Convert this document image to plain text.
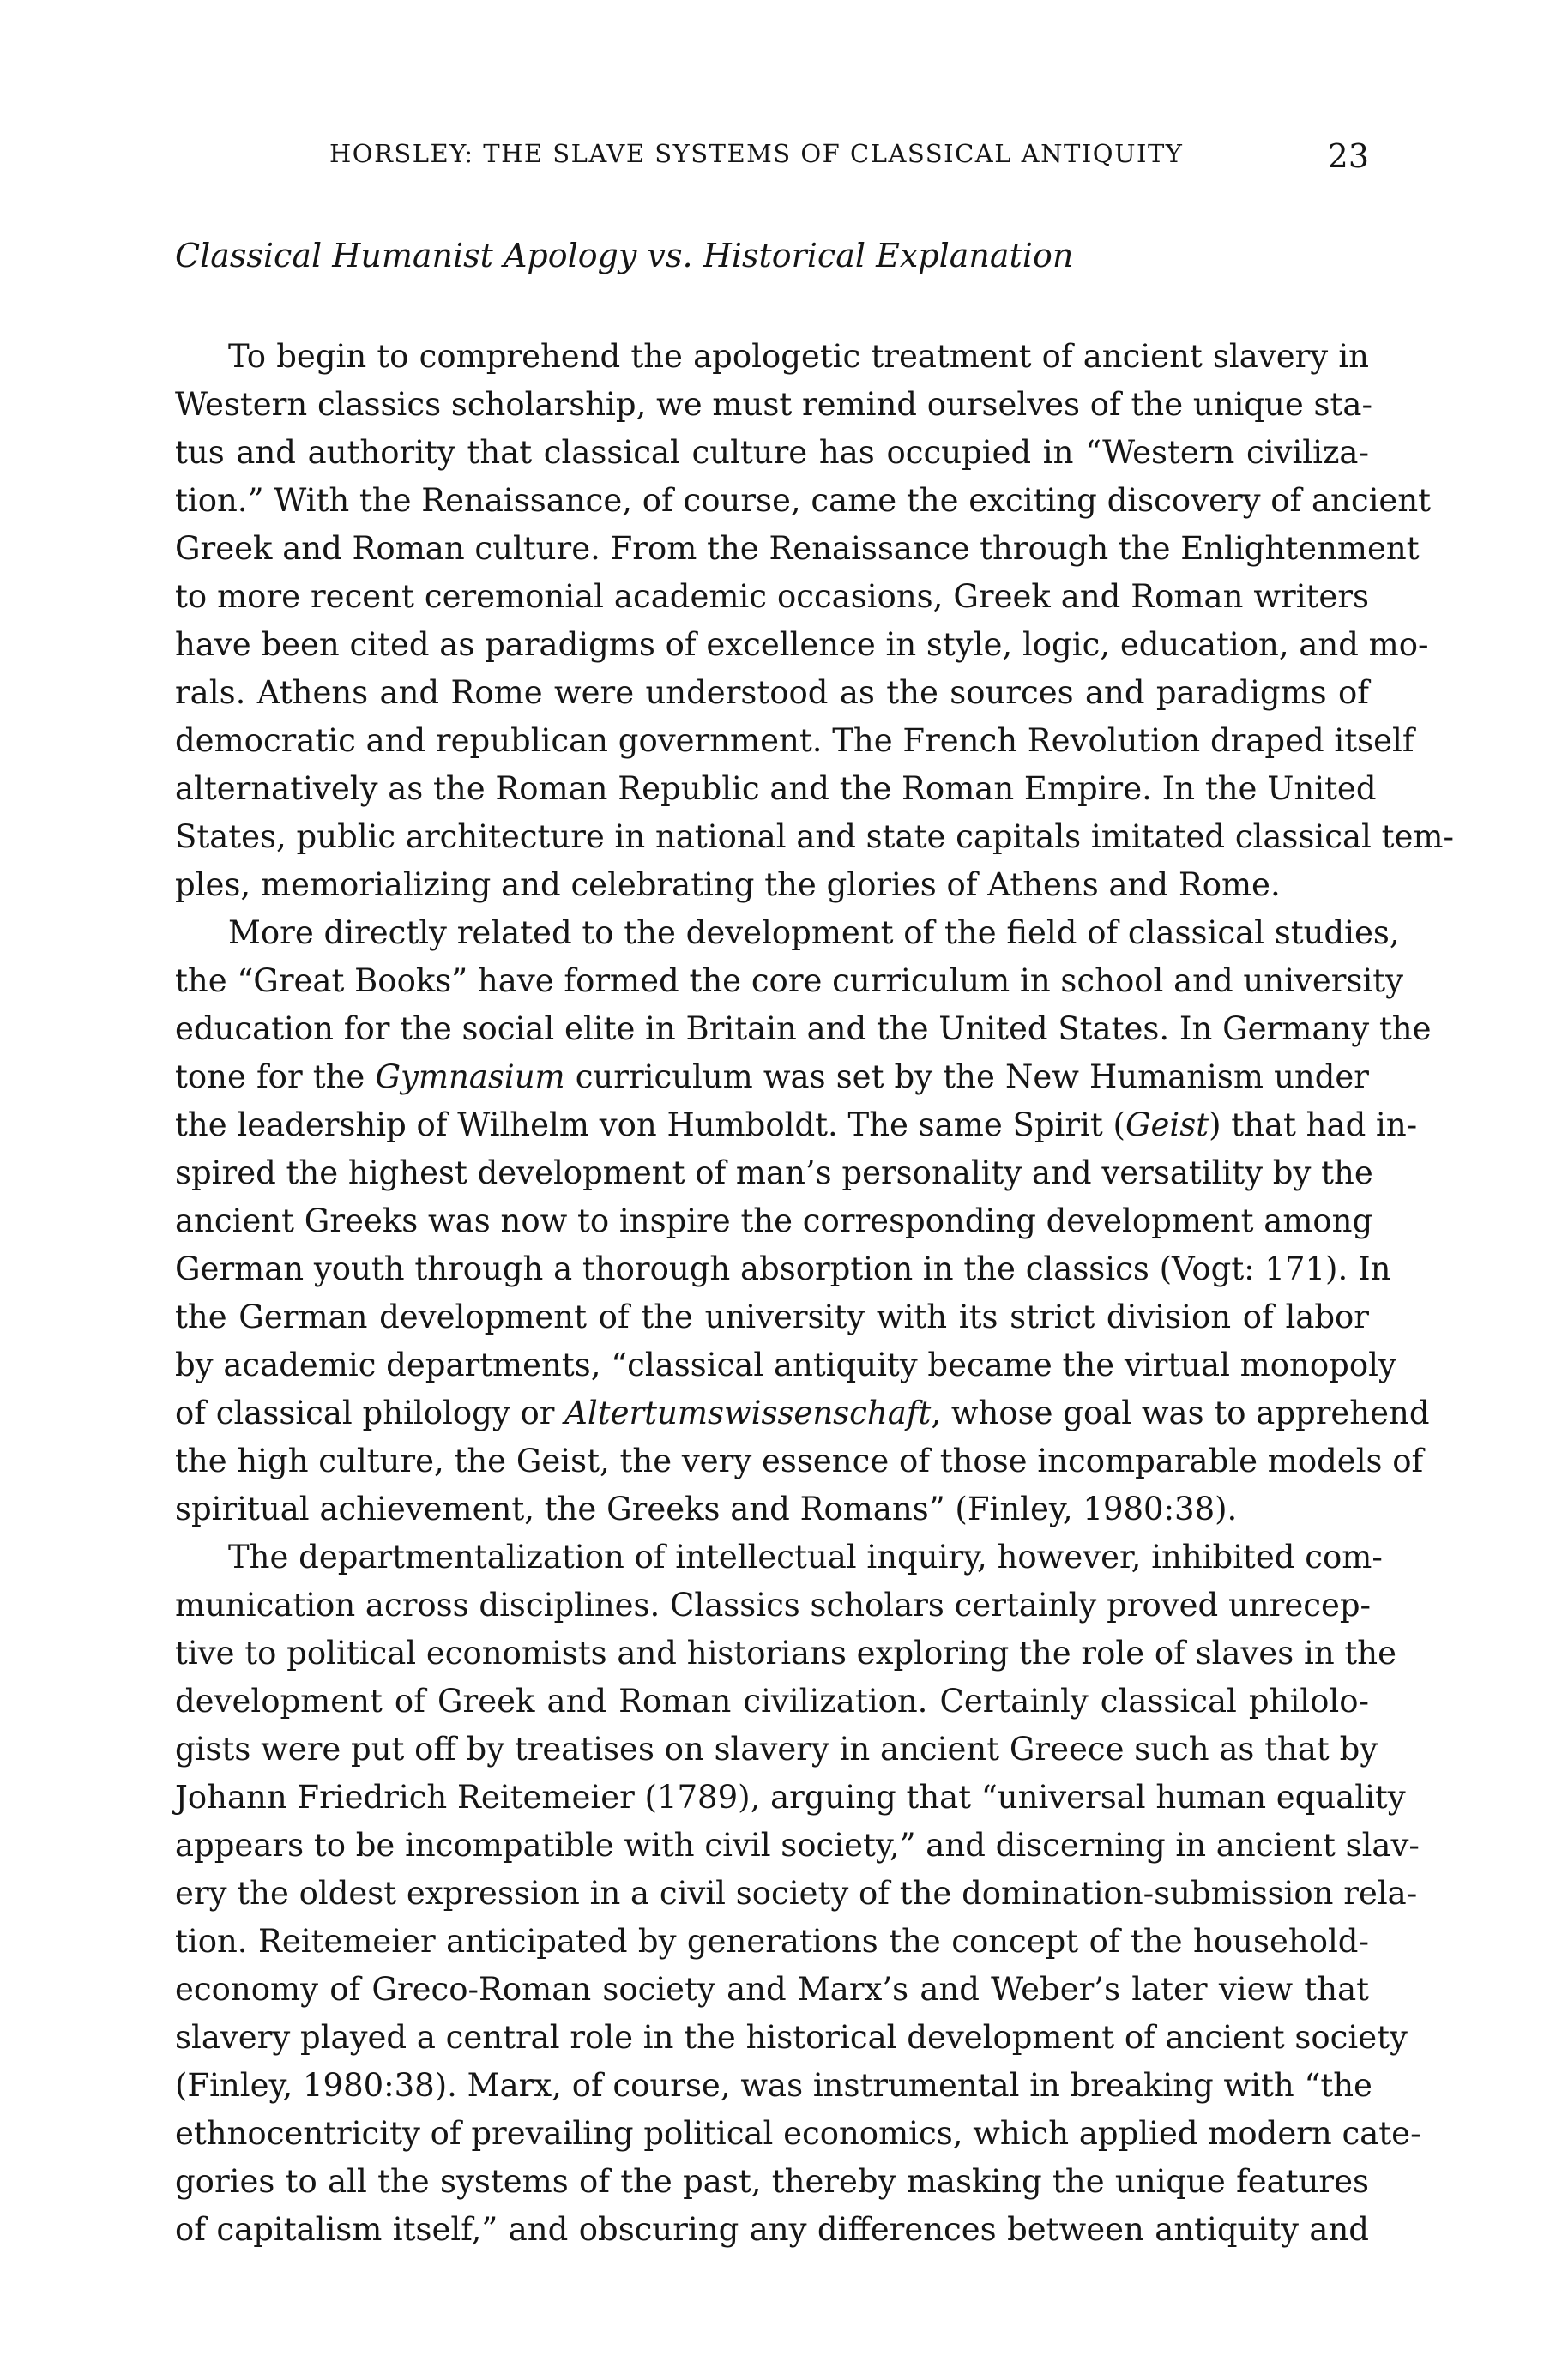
HORSLEY: THE SLAVE SYSTEMS OF CLASSICAL ANTIQUITY	23
Classical Humanist Apology vs. Historical Explanation
To begin to comprehend the apologetic treatment of ancient slavery in
Western classics scholarship, we must remind ourselves of the unique sta-
tus and authority that classical culture has occupied in “Western civiliza-
tion.” With the Renaissance, of course, came the exciting discovery of ancient
Greek and Roman culture. From the Renaissance through the Enlightenment
to more recent ceremonial academic occasions, Greek and Roman writers
have been cited as paradigms of excellence in style, logic, education, and mo-
rals. Athens and Rome were understood as the sources and paradigms of
democratic and republican government. The French Revolution draped itself
alternatively as the Roman Republic and the Roman Empire. In the United
States, public architecture in national and state capitals imitated classical tem-
ples, memorializing and celebrating the glories of Athens and Rome.
More directly related to the development of the field of classical studies,
the “Great Books” have formed the core curriculum in school and university
education for the social elite in Britain and the United States. In Germany the
tone for the Gymnasium curriculum was set by the New Humanism under
the leadership of Wilhelm von Humboldt. The same Spirit (Geist) that had in-
spired the highest development of man’s personality and versatility by the
ancient Greeks was now to inspire the corresponding development among
German youth through a thorough absorption in the classics (Vogt: 171). In
the German development of the university with its strict division of labor
by academic departments, “classical antiquity became the virtual monopoly
of classical philology or Altertumswissenschaft, whose goal was to apprehend
the high culture, the Geist, the very essence of those incomparable models of
spiritual achievement, the Greeks and Romans” (Finley, 1980:38).
The departmentalization of intellectual inquiry, however, inhibited com-
munication across disciplines. Classics scholars certainly proved unrecep-
tive to political economists and historians exploring the role of slaves in the
development of Greek and Roman civilization. Certainly classical philolo-
gists were put off by treatises on slavery in ancient Greece such as that by
Johann Friedrich Reitemeier (1789), arguing that “universal human equality
appears to be incompatible with civil society,” and discerning in ancient slav-
ery the oldest expression in a civil society of the domination-submission rela-
tion. Reitemeier anticipated by generations the concept of the household-
economy of Greco-Roman society and Marx’s and Weber’s later view that
slavery played a central role in the historical development of ancient society
(Finley, 1980:38). Marx, of course, was instrumental in breaking with “the
ethnocentricity of prevailing political economics, which applied modern cate-
gories to all the systems of the past, thereby masking the unique features
of capitalism itself,” and obscuring any differences between antiquity and
